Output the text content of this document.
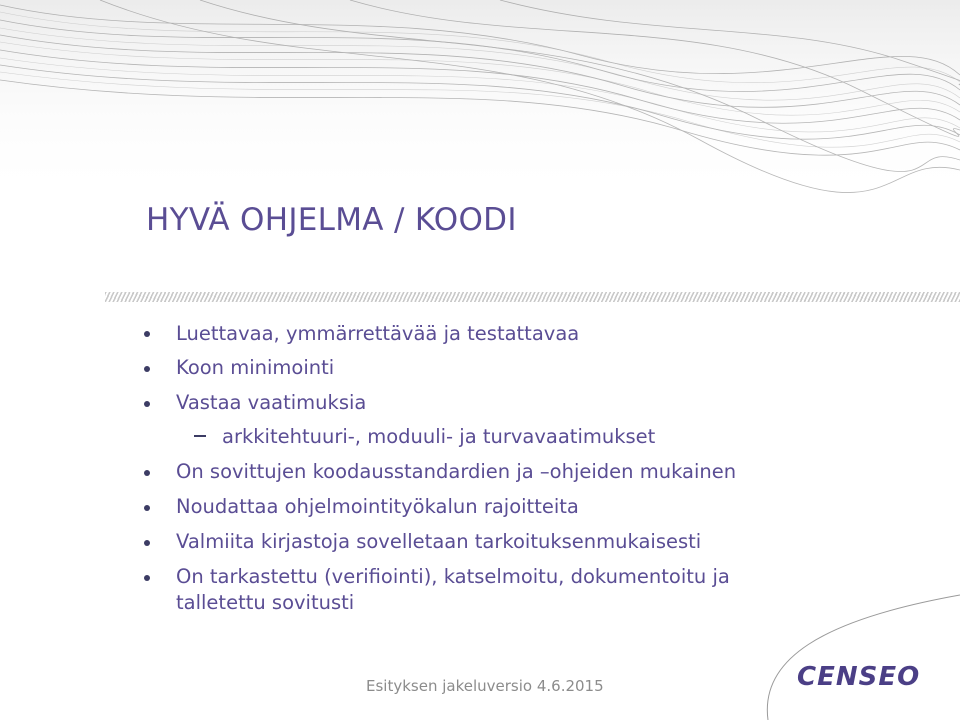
HYVÄ OHJELMA / KOODI
Luettavaa, ymmärrettävää ja testattavaa
Koon minimointi
Vastaa vaatimuksia
arkkitehtuuri-, moduuli- ja turvavaatimukset
On sovittujen koodausstandardien ja –ohjeiden mukainen
Noudattaa ohjelmointityökalun rajoitteita
Valmiita kirjastoja sovelletaan tarkoituksenmukaisesti
On tarkastettu (verifiointi), katselmoitu, dokumentoitu ja talletettu sovitusti
Esityksen jakeluversio 4.6.2015	CENSEO
